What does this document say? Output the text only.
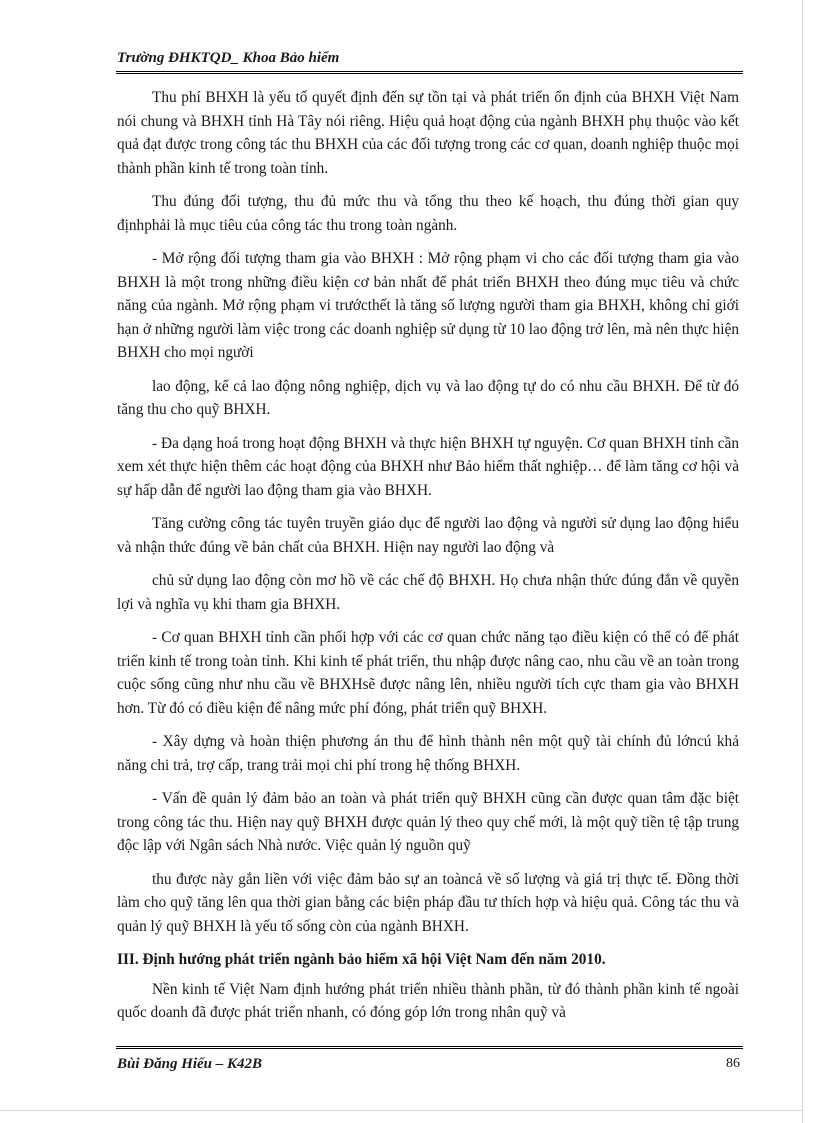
Trường ĐHKTQD_ Khoa Bảo hiểm

Thu phí BHXH là yếu tố quyết định đến sự tồn tại và phát triển ổn định của BHXH Việt Nam nói chung và BHXH tỉnh Hà Tây nói riêng. Hiệu quả hoạt động của ngành BHXH phụ thuộc vào kết quả đạt được trong công tác thu BHXH của các đối tượng trong các cơ quan, doanh nghiệp thuộc mọi thành phần kinh tế trong toàn tỉnh.

Thu đúng đối tượng, thu đủ mức thu và tổng thu theo kế hoạch, thu đúng thời gian quy địnhphải là mục tiêu của công tác thu trong toàn ngành.

- Mở rộng đối tượng tham gia vào BHXH : Mở rộng phạm vi cho các đối tượng tham gia vào BHXH là một trong những điều kiện cơ bản nhất để phát triển BHXH theo đúng mục tiêu và chức năng của ngành. Mở rộng phạm vi trướcthết là tăng số lượng người tham gia BHXH, không chỉ giới hạn ở những người làm việc trong các doanh nghiệp sử dụng từ 10 lao động trở lên, mà nên thực hiện BHXH cho mọi người

lao động, kể cả lao động nông nghiệp, dịch vụ và lao động tự do có nhu cầu BHXH. Để từ đó tăng thu cho quỹ BHXH.

- Đa dạng hoá trong hoạt động BHXH và thực hiện BHXH tự nguyện. Cơ quan BHXH tỉnh cần xem xét thực hiện thêm các hoạt động của BHXH như Bảo hiểm thất nghiệp… để làm tăng cơ hội và sự hấp dẫn để người lao động tham gia vào BHXH.

Tăng cường công tác tuyên truyền giáo dục để người lao động và người sử dụng lao động hiểu và nhận thức đúng về bản chất của BHXH. Hiện nay người lao động và

chủ sử dụng lao động còn mơ hồ về các chế độ BHXH. Họ chưa nhận thức đúng đắn về quyền lợi và nghĩa vụ khi tham gia BHXH.

- Cơ quan BHXH tỉnh cần phối hợp với các cơ quan chức năng tạo điều kiện có thể có để phát triển kinh tế trong toàn tỉnh. Khi kinh tế phát triển, thu nhập được nâng cao, nhu cầu về an toàn trong cuộc sống cũng như nhu cầu về BHXHsẽ được nâng lên, nhiều người tích cực tham gia vào BHXH hơn. Từ đó có điều kiện để nâng mức phí đóng, phát triển quỹ BHXH.

- Xây dựng và hoàn thiện phương án thu để hình thành nên một quỹ tài chính đủ lớncú khả năng chi trả, trợ cấp, trang trải mọi chi phí trong hệ thống BHXH.

- Vấn đề quản lý đảm bảo an toàn và phát triển quỹ BHXH cũng cần được quan tâm đặc biệt trong công tác thu. Hiện nay quỹ BHXH được quản lý theo quy chế mới, là một quỹ tiền tệ tập trung độc lập với Ngân sách Nhà nước. Việc quản lý nguồn quỹ

thu được này gắn liền với việc đảm bảo sự an toàncả về số lượng và giá trị thực tế. Đồng thời làm cho quỹ tăng lên qua thời gian bằng các biện pháp đầu tư thích hợp và hiệu quả. Công tác thu và quản lý quỹ BHXH là yếu tố sống còn của ngành BHXH.

III. Định hướng phát triển ngành bảo hiểm xã hội Việt Nam đến năm 2010.

Nền kinh tế Việt Nam định hướng phát triển nhiều thành phần, từ đó thành phần kinh tế ngoài quốc doanh đã được phát triển nhanh, có đóng góp lớn trong nhân quỹ và

Bùi Đăng Hiếu – K42B	86
